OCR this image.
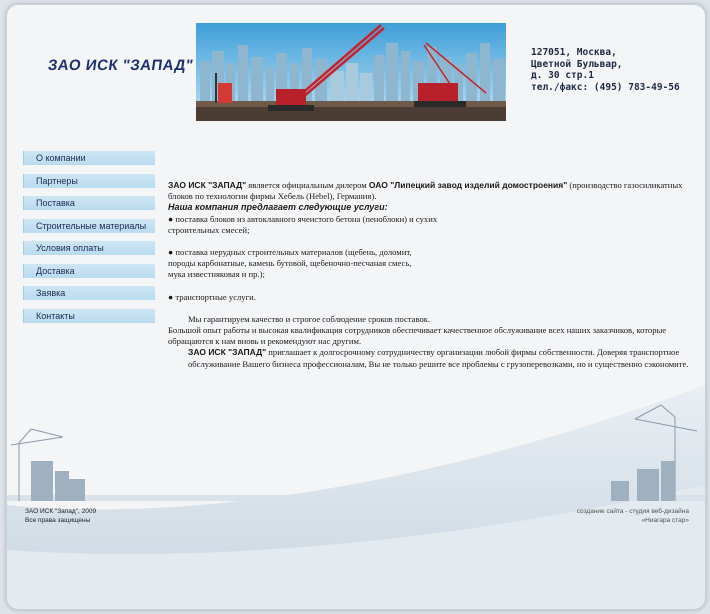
ЗАО ИСК "ЗАПАД"
127051, Москва,
Цветной Бульвар,
д. 30 стр.1
тел./факс: (495) 783-49-56
О компании
Партнеры
Поставка
Строительные материалы
Условия оплаты
Доставка
Заявка
Контакты

ЗАО ИСК "ЗАПАД" является официальным дилером ОАО "Липецкий завод изделий домостроения" (производство газосиликатных блоков по технологии фирмы Хебель (Hebel), Германия).

Наша компания предлагает следующие услуги:

● поставка блоков из автоклавного ячеистого бетона (пеноблоки) и сухих
строительных смесей;

● поставка нерудных строительных материалов (щебень, доломит,
породы карбонатные, камень бутовой, щебеночно-песчаная смесь,
мука известняковая и пр.);

● транспортные услуги.

Мы гарантируем качество и строгое соблюдение сроков поставок.

Большой опыт работы и высокая квалификация сотрудников обеспечивает качественное обслуживание всех наших заказчиков, которые обращаются к нам вновь и рекомендуют нас другим.

ЗАО ИСК "ЗАПАД" приглашает к долгосрочному сотрудничеству организации любой фирмы собственности. Доверяя транспортное обслуживание Вашего бизнеса профессионалам, Вы не только решите все проблемы с грузоперевозками, но и существенно сэкономите.

ЗАО ИСК "Запад", 2009
Все права защищены
создание сайта - студия веб-дизайна
«Ниагара стар»
